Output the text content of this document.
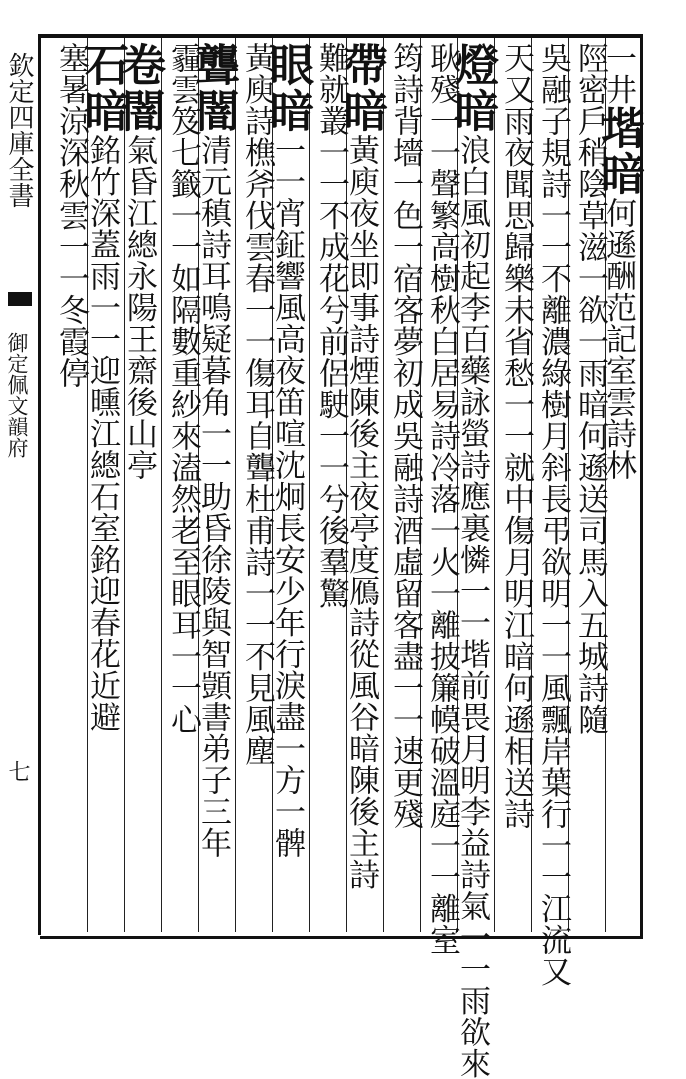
欽定四庫全書
御定佩文韻府
七
一井堦暗何遜酬范記室雲詩林
陘密戶稍陰草滋一欲一雨暗何遜送司馬入五城詩隨
吳融子規詩一一不離濃綠樹月斜長弔欲明一一風飄岸葉行一一江流又
天又雨夜聞思歸樂未省愁一一就中傷月明江暗何遜相送詩
燈暗浪白風初起李百藥詠螢詩應裏憐一一堦前畏月明李益詩氣一一雨欲來
耿殘一一聲繁高樹秋白居易詩冷落一火一離披簾幙破溫庭一一離室
筠詩背墻一色一宿客夢初成吳融詩酒虛留客盡一一速更殘
帶暗黃庾夜坐即事詩煙陳後主夜亭度鴈詩從風谷暗陳後主詩
難就叢一一不成花兮前侶駛一一兮後羣驚
眼暗一一宵鉦響風高夜笛喧沈炯長安少年行淚盡一方一髀
黃庾詩樵斧伐雲春一一傷耳自聾杜甫詩一一不見風塵
聾闇清元稹詩耳鳴疑暮角一一助昏徐陵與智顗書弟子三年
霾雲笈七籤一一如隔數重紗來溘然老至眼耳一一心
卷闇氣昏江總永陽王齋後山亭
石暗銘竹深蓋雨一一迎曛江總石室銘迎春花近避
塞暑涼深秋雲一一冬霞停
